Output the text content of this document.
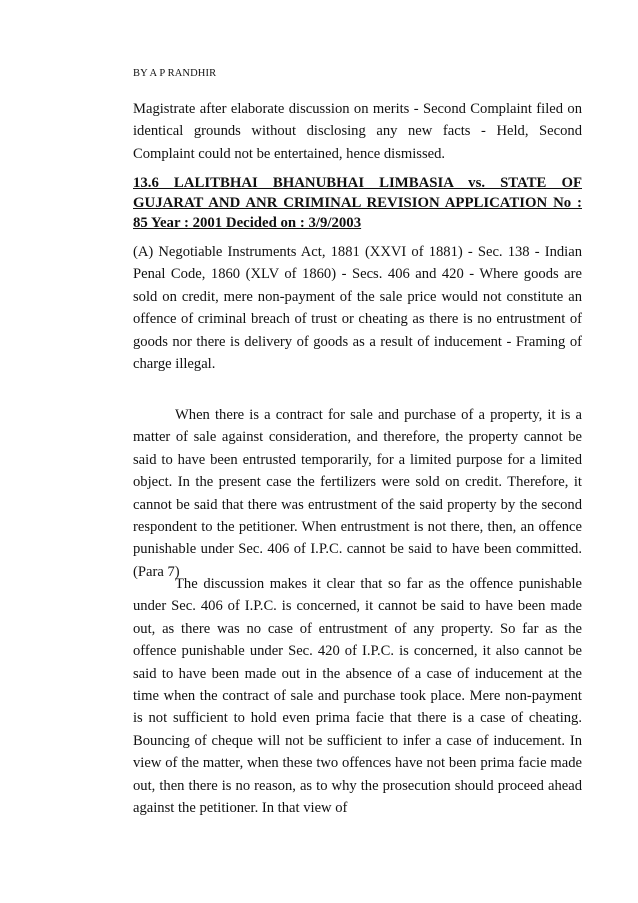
BY A P RANDHIR

Magistrate after elaborate discussion on merits - Second Complaint filed on identical grounds without disclosing any new facts - Held, Second Complaint could not be entertained, hence dismissed.

13.6 LALITBHAI BHANUBHAI LIMBASIA vs. STATE OF GUJARAT AND ANR CRIMINAL REVISION APPLICATION No : 85 Year : 2001 Decided on : 3/9/2003

(A) Negotiable Instruments Act, 1881 (XXVI of 1881) - Sec. 138 - Indian Penal Code, 1860 (XLV of 1860) - Secs. 406 and 420 - Where goods are sold on credit, mere non-payment of the sale price would not constitute an offence of criminal breach of trust or cheating as there is no entrustment of goods nor there is delivery of goods as a result of inducement - Framing of charge illegal.

When there is a contract for sale and purchase of a property, it is a matter of sale against consideration, and therefore, the property cannot be said to have been entrusted temporarily, for a limited purpose for a limited object. In the present case the fertilizers were sold on credit. Therefore, it cannot be said that there was entrustment of the said property by the second respondent to the petitioner. When entrustment is not there, then, an offence punishable under Sec. 406 of I.P.C. cannot be said to have been committed. (Para 7)

The discussion makes it clear that so far as the offence punishable under Sec. 406 of I.P.C. is concerned, it cannot be said to have been made out, as there was no case of entrustment of any property. So far as the offence punishable under Sec. 420 of I.P.C. is concerned, it also cannot be said to have been made out in the absence of a case of inducement at the time when the contract of sale and purchase took place. Mere non-payment is not sufficient to hold even prima facie that there is a case of cheating. Bouncing of cheque will not be sufficient to infer a case of inducement. In view of the matter, when these two offences have not been prima facie made out, then there is no reason, as to why the prosecution should proceed ahead against the petitioner. In that view of
